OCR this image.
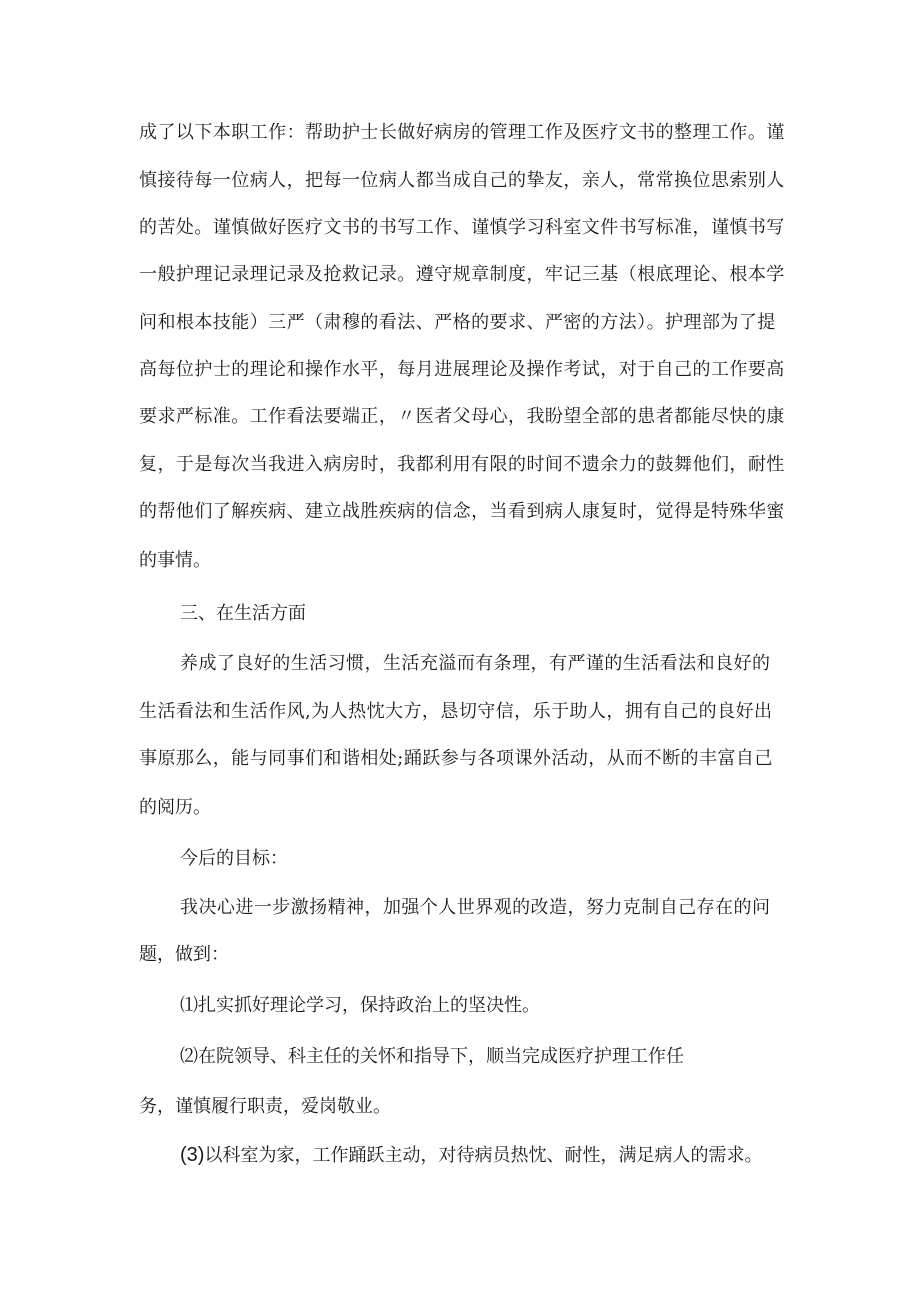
成了以下本职工作：帮助护士长做好病房的管理工作及医疗文书的整理工作。谨
慎接待每一位病人，把每一位病人都当成自己的挚友，亲人，常常换位思索别人
的苦处。谨慎做好医疗文书的书写工作、谨慎学习科室文件书写标准，谨慎书写
一般护理记录理记录及抢救记录。遵守规章制度，牢记三基（根底理论、根本学
问和根本技能）三严（肃穆的看法、严格的要求、严密的方法）。护理部为了提
高每位护士的理论和操作水平，每月进展理论及操作考试，对于自己的工作要高
要求严标准。工作看法要端正，〃医者父母心，我盼望全部的患者都能尽快的康
复，于是每次当我进入病房时，我都利用有限的时间不遗余力的鼓舞他们，耐性
的帮他们了解疾病、建立战胜疾病的信念，当看到病人康复时，觉得是特殊华蜜
的事情。
三、在生活方面
养成了良好的生活习惯，生活充溢而有条理，有严谨的生活看法和良好的
生活看法和生活作风,为人热忱大方，恳切守信，乐于助人，拥有自己的良好出
事原那么，能与同事们和谐相处;踊跃参与各项课外活动，从而不断的丰富自己
的阅历。
今后的目标：
我决心进一步激扬精神，加强个人世界观的改造，努力克制自己存在的问
题，做到：
⑴扎实抓好理论学习，保持政治上的坚决性。
⑵在院领导、科主任的关怀和指导下，顺当完成医疗护理工作任
务，谨慎履行职责，爱岗敬业。
(3)以科室为家，工作踊跃主动，对待病员热忱、耐性，满足病人的需求。
